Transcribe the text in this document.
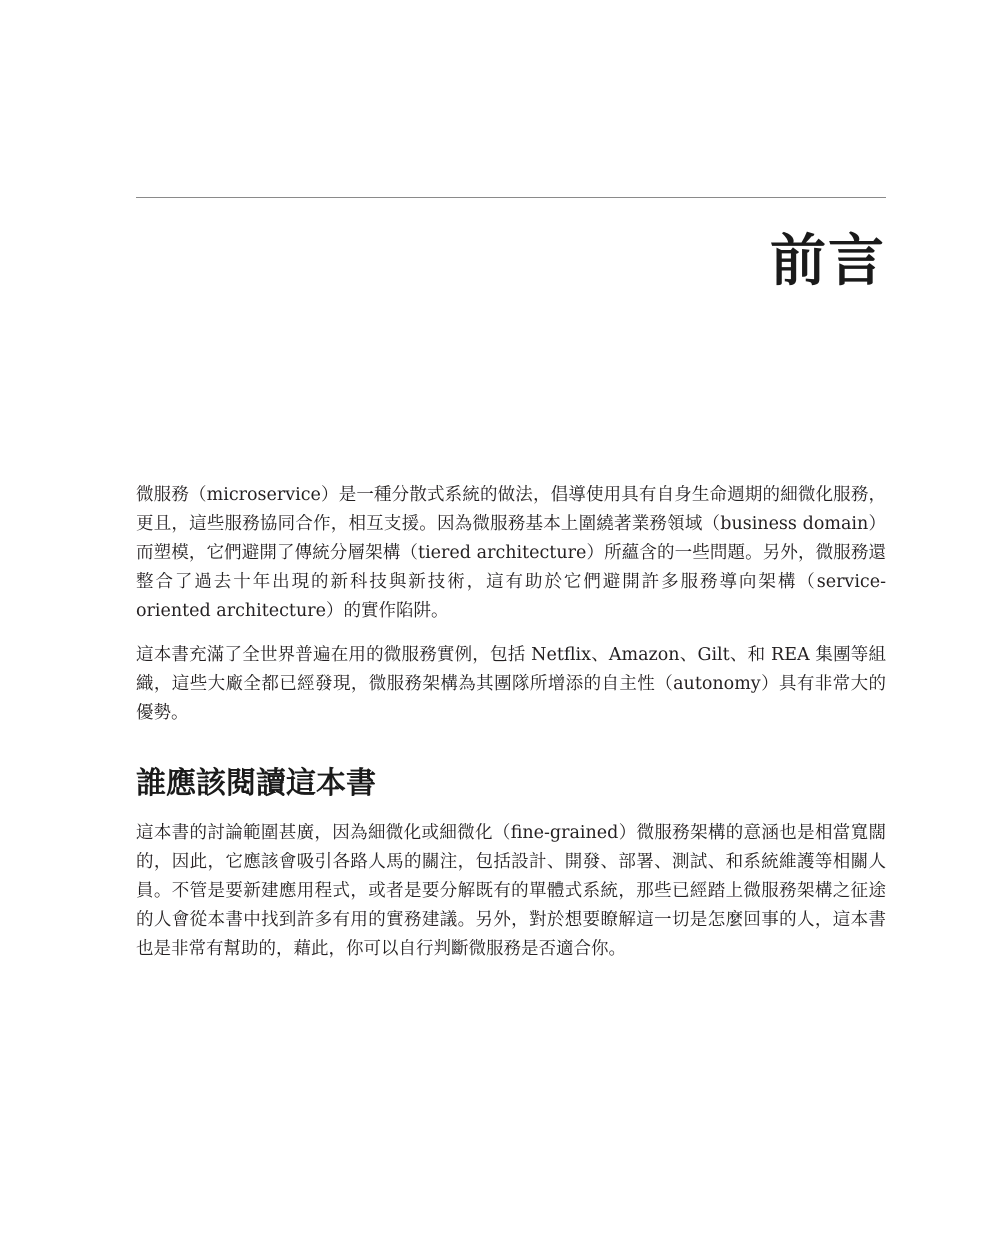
前言

微服務（microservice）是一種分散式系統的做法，倡導使用具有自身生命週期的細微化服務，更且，這些服務協同合作，相互支援。因為微服務基本上圍繞著業務領域（business domain）而塑模，它們避開了傳統分層架構（tiered architecture）所蘊含的一些問題。另外，微服務還整合了過去十年出現的新科技與新技術，這有助於它們避開許多服務導向架構（service-oriented architecture）的實作陷阱。

這本書充滿了全世界普遍在用的微服務實例，包括 Netflix、Amazon、Gilt、和 REA 集團等組織，這些大廠全都已經發現，微服務架構為其團隊所增添的自主性（autonomy）具有非常大的優勢。

誰應該閱讀這本書

這本書的討論範圍甚廣，因為細微化或細微化（fine-grained）微服務架構的意涵也是相當寬闊的，因此，它應該會吸引各路人馬的關注，包括設計、開發、部署、測試、和系統維護等相關人員。不管是要新建應用程式，或者是要分解既有的單體式系統，那些已經踏上微服務架構之征途的人會從本書中找到許多有用的實務建議。另外，對於想要瞭解這一切是怎麼回事的人，這本書也是非常有幫助的，藉此，你可以自行判斷微服務是否適合你。
